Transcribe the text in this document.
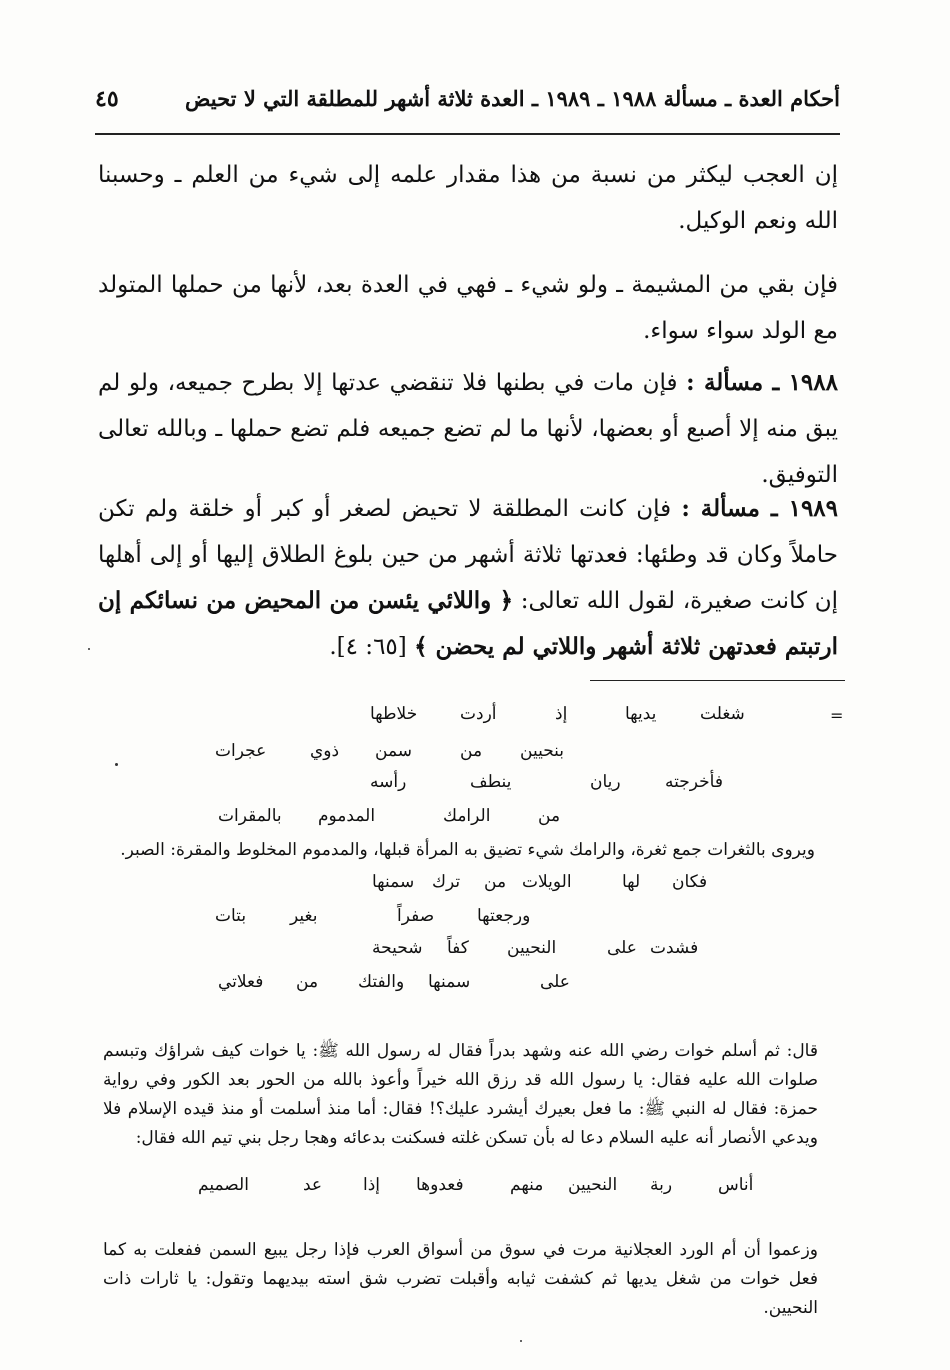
أحكام العدة ـ مسألة ١٩٨٨ ـ ١٩٨٩ ـ العدة ثلاثة أشهر للمطلقة التي لا تحيض
٤٥
إن العجب ليكثر من نسبة من هذا مقدار علمه إلى شيء من العلم ـ وحسبنا الله ونعم الوكيل.
فإن بقي من المشيمة ـ ولو شيء ـ فهي في العدة بعد، لأنها من حملها المتولد مع الولد سواء سواء.
١٩٨٨ ـ مسألة : فإن مات في بطنها فلا تنقضي عدتها إلا بطرح جميعه، ولو لم يبق منه إلا أصبع أو بعضها، لأنها ما لم تضع جميعه فلم تضع حملها ـ وبالله تعالى التوفيق.
١٩٨٩ ـ مسألة : فإن كانت المطلقة لا تحيض لصغر أو كبر أو خلقة ولم تكن حاملاً وكان قد وطئها: فعدتها ثلاثة أشهر من حين بلوغ الطلاق إليها أو إلى أهلها إن كانت صغيرة، لقول الله تعالى: ﴿ واللائي يئسن من المحيض من نسائكم إن ارتبتم فعدتهن ثلاثة أشهر واللاتي لم يحضن ﴾ [٦٥: ٤].
=
شغلت
يديها
إذ
أردت
خلاطها
بنحيين
من
سمن
ذوي
عجرات
فأخرجته
ريان
ينطف
رأسه
من
الرامك
المدموم
بالمقرات
ويروى بالثغرات جمع ثغرة، والرامك شيء تضيق به المرأة قبلها، والمدموم المخلوط والمقرة: الصبر.
فكان
لها
الويلات
من
ترك
سمنها
ورجعتها
صفراً
بغير
بتات
فشدت
على
النحيين
كفاً
شحيحة
على
سمنها
والفتك
من
فعلاتي
قال: ثم أسلم خوات رضي الله عنه وشهد بدراً فقال له رسول الله ﷺ: يا خوات كيف شراؤك وتبسم صلوات الله عليه فقال: يا رسول الله قد رزق الله خيراً وأعوذ بالله من الحور بعد الكور وفي رواية حمزة: فقال له النبي ﷺ: ما فعل بعيرك أيشرد عليك؟! فقال: أما منذ أسلمت أو منذ قيده الإسلام فلا ويدعي الأنصار أنه عليه السلام دعا له بأن تسكن غلته فسكنت بدعائه وهجا رجل بني تيم الله فقال:
أناس
ربة
النحيين
منهم
فعدوها
إذا
عد
الصميم
وزعموا أن أم الورد العجلانية مرت في سوق من أسواق العرب فإذا رجل يبيع السمن ففعلت به كما فعل خوات من شغل يديها ثم كشفت ثيابه وأقبلت تضرب شق استه بيديهما وتقول: يا ثارات ذات النحيين.
